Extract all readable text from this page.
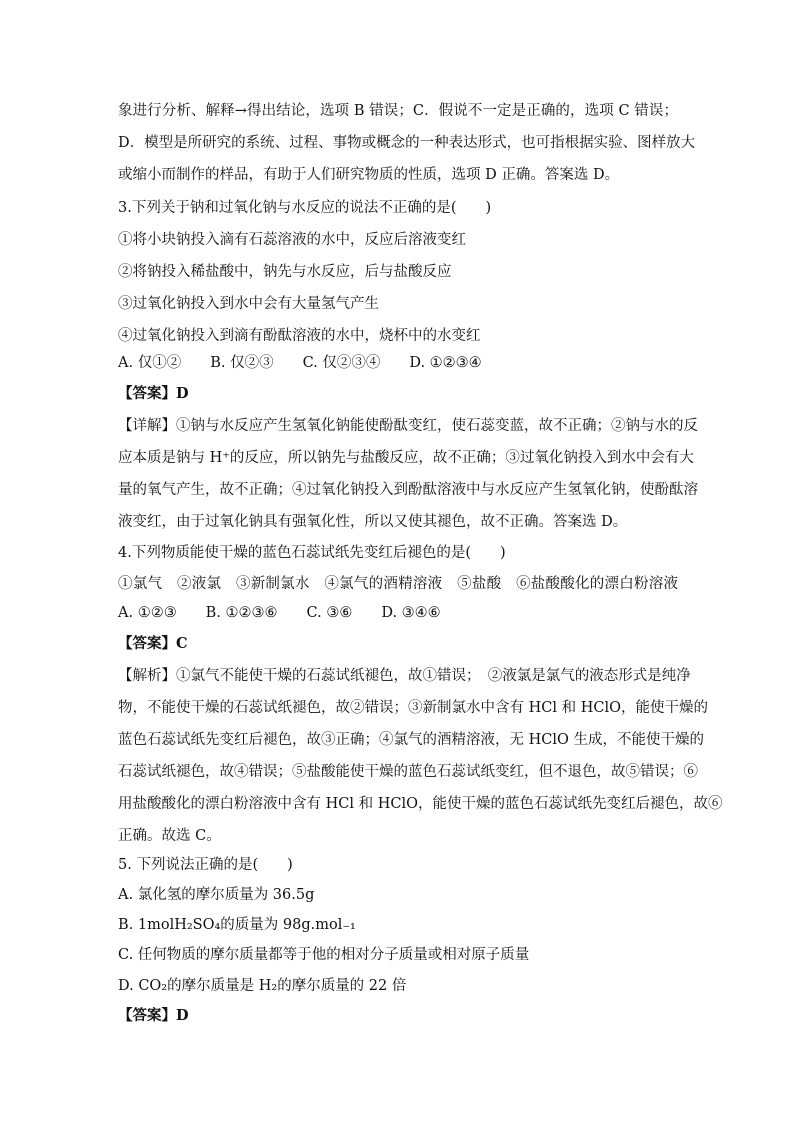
象进行分析、解释→得出结论，选项 B 错误；C．假说不一定是正确的，选项 C 错误；
D．模型是所研究的系统、过程、事物或概念的一种表达形式，也可指根据实验、图样放大
或缩小而制作的样品，有助于人们研究物质的性质，选项 D 正确。答案选 D。
3.下列关于钠和过氧化钠与水反应的说法不正确的是(　　)
①将小块钠投入滴有石蕊溶液的水中，反应后溶液变红
②将钠投入稀盐酸中，钠先与水反应，后与盐酸反应
③过氧化钠投入到水中会有大量氢气产生
④过氧化钠投入到滴有酚酞溶液的水中，烧杯中的水变红
A. 仅①②　　B. 仅②③　　C. 仅②③④　　D. ①②③④
【答案】D
【详解】①钠与水反应产生氢氧化钠能使酚酞变红，使石蕊变蓝，故不正确；②钠与水的反
应本质是钠与 H⁺的反应，所以钠先与盐酸反应，故不正确；③过氧化钠投入到水中会有大
量的氧气产生，故不正确；④过氧化钠投入到酚酞溶液中与水反应产生氢氧化钠，使酚酞溶
液变红，由于过氧化钠具有强氧化性，所以又使其褪色，故不正确。答案选 D。
4.下列物质能使干燥的蓝色石蕊试纸先变红后褪色的是(　　)
①氯气　②液氯　③新制氯水　④氯气的酒精溶液　⑤盐酸　⑥盐酸酸化的漂白粉溶液
A. ①②③　　B. ①②③⑥　　C. ③⑥　　D. ③④⑥
【答案】C
【解析】①氯气不能使干燥的石蕊试纸褪色，故①错误；　②液氯是氯气的液态形式是纯净
物，不能使干燥的石蕊试纸褪色，故②错误；③新制氯水中含有 HCl 和 HClO，能使干燥的
蓝色石蕊试纸先变红后褪色，故③正确；④氯气的酒精溶液，无 HClO 生成，不能使干燥的
石蕊试纸褪色，故④错误；⑤盐酸能使干燥的蓝色石蕊试纸变红，但不退色，故⑤错误；⑥
用盐酸酸化的漂白粉溶液中含有 HCl 和 HClO，能使干燥的蓝色石蕊试纸先变红后褪色，故⑥
正确。故选 C。
5. 下列说法正确的是(　　)
A. 氯化氢的摩尔质量为 36.5g
B. 1molH₂SO₄的质量为 98g.mol₋₁
C. 任何物质的摩尔质量都等于他的相对分子质量或相对原子质量
D. CO₂的摩尔质量是 H₂的摩尔质量的 22 倍
【答案】D
